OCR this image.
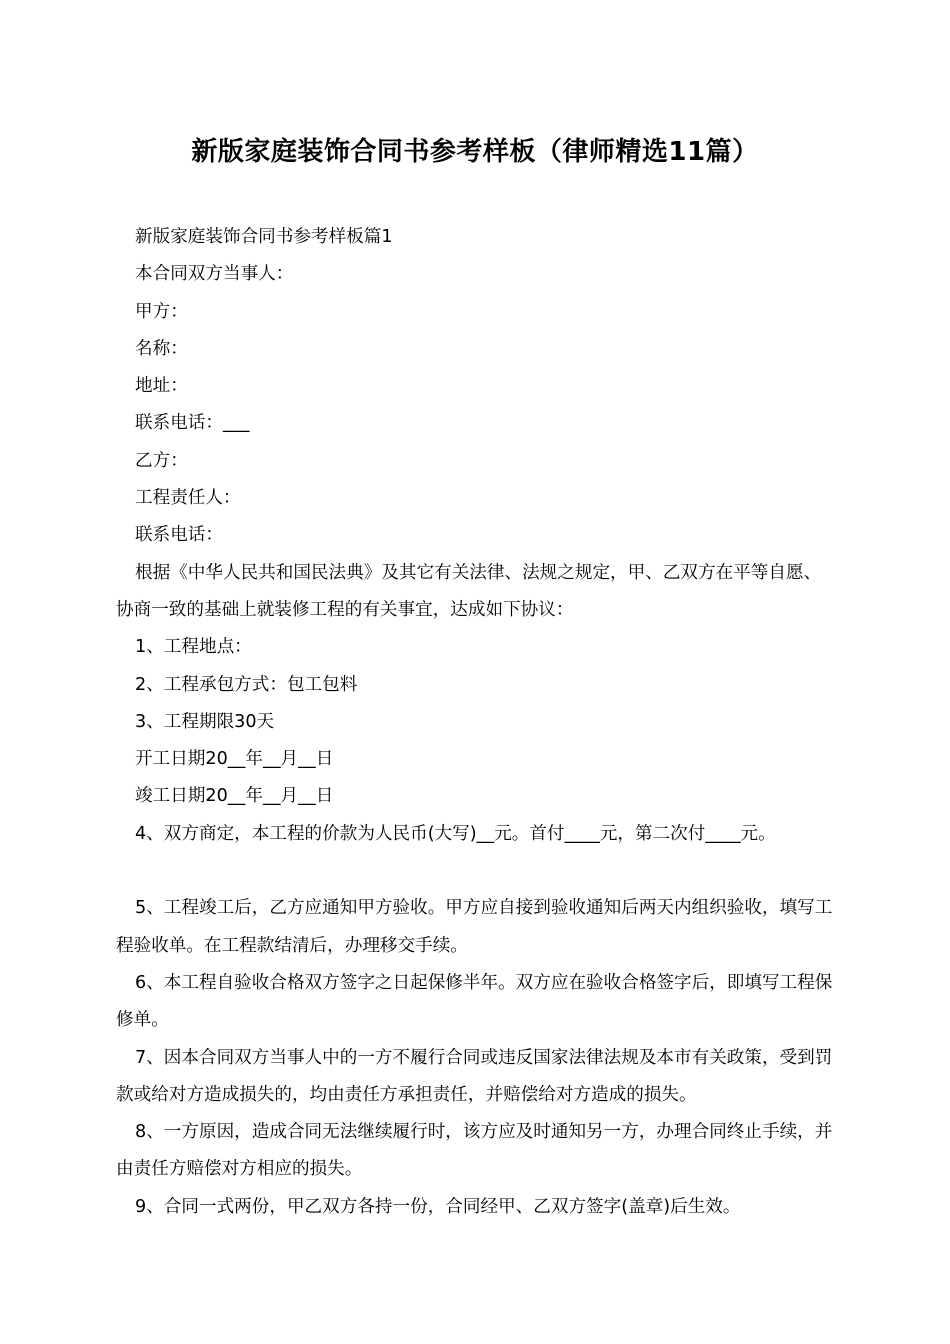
新版家庭装饰合同书参考样板（律师精选11篇）

新版家庭装饰合同书参考样板篇1

本合同双方当事人：

甲方：

名称：

地址：

联系电话：___

乙方：

工程责任人：

联系电话：

根据《中华人民共和国民法典》及其它有关法律、法规之规定，甲、乙双方在平等自愿、协商一致的基础上就装修工程的有关事宜，达成如下协议：

1、工程地点：

2、工程承包方式：包工包料

3、工程期限30天

开工日期20__年__月__日

竣工日期20__年__月__日

4、双方商定，本工程的价款为人民币(大写)__元。首付____元，第二次付____元。

5、工程竣工后，乙方应通知甲方验收。甲方应自接到验收通知后两天内组织验收，填写工程验收单。在工程款结清后，办理移交手续。

6、本工程自验收合格双方签字之日起保修半年。双方应在验收合格签字后，即填写工程保修单。

7、因本合同双方当事人中的一方不履行合同或违反国家法律法规及本市有关政策，受到罚款或给对方造成损失的，均由责任方承担责任，并赔偿给对方造成的损失。

8、一方原因，造成合同无法继续履行时，该方应及时通知另一方，办理合同终止手续，并由责任方赔偿对方相应的损失。

9、合同一式两份，甲乙双方各持一份，合同经甲、乙双方签字(盖章)后生效。
